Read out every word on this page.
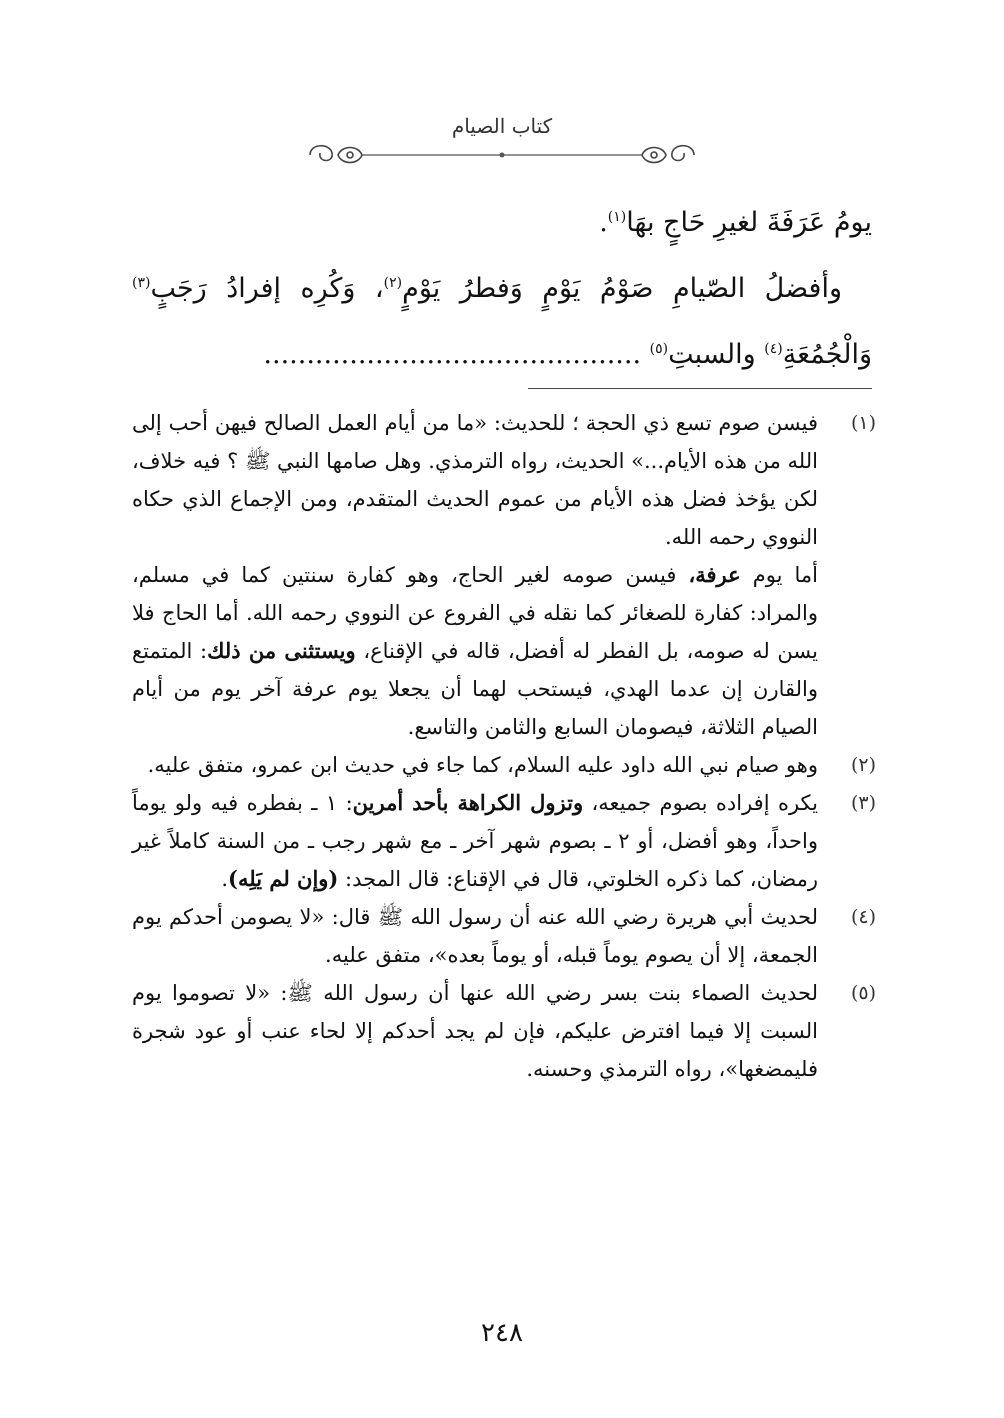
كتاب الصيام

يومُ عَرَفَةَ لغيرِ حَاجٍ بهَا$^{(١)}$.

وأفضلُ الصّيامِ صَوْمُ يَوْمٍ وَفطرُ يَوْمٍ$^{(٢)}$، وَكُرِه إفرادُ رَجَبٍ$^{(٣)}$ وَالْجُمُعَةِ$^{(٤)}$ والسبتِ$^{(٥)}$ ............................................

(١)
فيسن صوم تسع ذي الحجة ؛ للحديث: «ما من أيام العمل الصالح فيهن أحب إلى الله من هذه الأيام...» الحديث، رواه الترمذي. وهل صامها النبي ﷺ ؟ فيه خلاف، لكن يؤخذ فضل هذه الأيام من عموم الحديث المتقدم، ومن الإجماع الذي حكاه النووي رحمه الله.

أما يوم عرفة، فيسن صومه لغير الحاج، وهو كفارة سنتين كما في مسلم، والمراد: كفارة للصغائر كما نقله في الفروع عن النووي رحمه الله. أما الحاج فلا يسن له صومه، بل الفطر له أفضل، قاله في الإقناع، ويستثنى من ذلك: المتمتع والقارن إن عدما الهدي، فيستحب لهما أن يجعلا يوم عرفة آخر يوم من أيام الصيام الثلاثة، فيصومان السابع والثامن والتاسع.

(٢)
وهو صيام نبي الله داود عليه السلام، كما جاء في حديث ابن عمرو، متفق عليه.

(٣)
يكره إفراده بصوم جميعه، وتزول الكراهة بأحد أمرين: ١ ـ بفطره فيه ولو يوماً واحداً، وهو أفضل، أو ٢ ـ بصوم شهر آخر ـ مع شهر رجب ـ من السنة كاملاً غير رمضان، كما ذكره الخلوتي، قال في الإقناع: قال المجد: (وإن لم يَلِه).

(٤)
لحديث أبي هريرة رضي الله عنه أن رسول الله ﷺ قال: «لا يصومن أحدكم يوم الجمعة، إلا أن يصوم يوماً قبله، أو يوماً بعده»، متفق عليه.

(٥)
لحديث الصماء بنت بسر رضي الله عنها أن رسول الله ﷺ: «لا تصوموا يوم السبت إلا فيما افترض عليكم، فإن لم يجد أحدكم إلا لحاء عنب أو عود شجرة فليمضغها»، رواه الترمذي وحسنه.

٢٤٨
